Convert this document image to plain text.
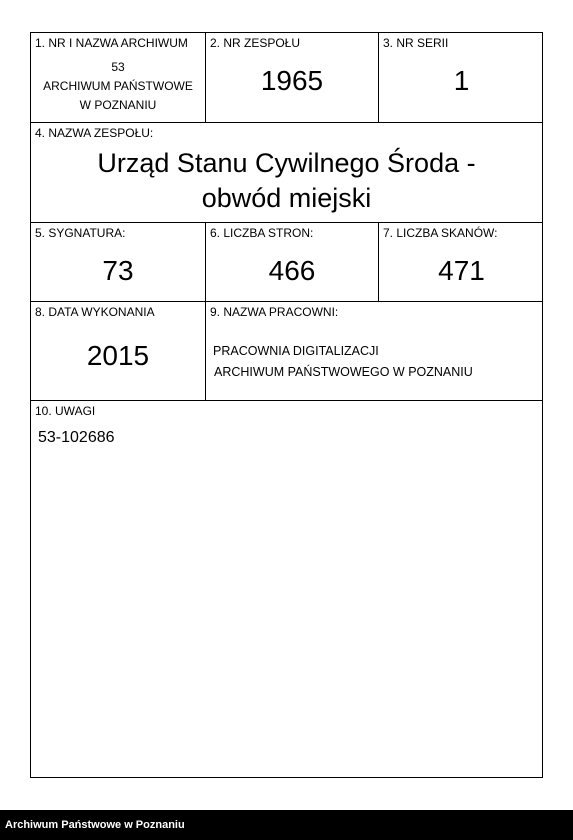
1. NR I NAZWA ARCHIWUM
53
ARCHIWUM PAŃSTWOWE
W POZNANIU
2. NR ZESPOŁU
1965
3. NR SERII
1
4. NAZWA ZESPOŁU:
Urząd Stanu Cywilnego Środa -
obwód miejski
5. SYGNATURA:
73
6. LICZBA STRON:
466
7. LICZBA SKANÓW:
471
8. DATA WYKONANIA
2015
9. NAZWA PRACOWNI:
PRACOWNIA DIGITALIZACJI
ARCHIWUM PAŃSTWOWEGO W POZNANIU
10. UWAGI
53-102686
Archiwum Państwowe w Poznaniu
